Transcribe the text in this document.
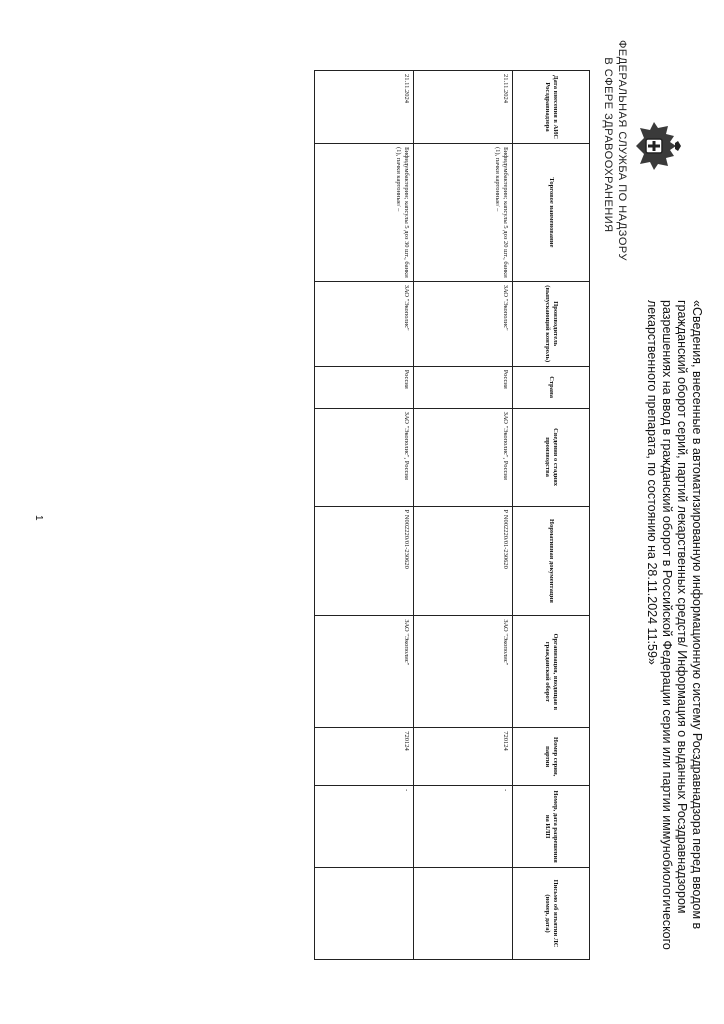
ФЕДЕРАЛЬНАЯ СЛУЖБА ПО НАДЗОРУ
В СФЕРЕ ЗДРАВООХРАНЕНИЯ
«Сведения, внесенные в автоматизированную информационную систему Росздравнадзора перед вводом в гражданский оборот серий, партий лекарственных средств/ Информация о выданных Росздравнадзором разрешениях на ввод в гражданский оборот в Российской Федерации серии или партии иммунобиологического лекарственного препарата, по состоянию на 28.11.2024 11:59»
Дата внесения в АИС Росздравнадзора	Торговое наименование	Производитель (выпускающий контроль)	Страна	Сведения о стадиях производства	Нормативная документация	Организация, вводящая в гражданский оборот	Номер серии, партии	Номер, дата разрешения на ИЛП	Письмо об изъятии ЛС (номер, дата)
21.11.2024	Бифидумбактерин; капсулы 5 доз 20 шт., банки (1), пачки картонные/ –	ЗАО "Экополис"	Россия	ЗАО "Экополис", Россия	Р N002220/01-230620	ЗАО "Экополис"	720124	-	
21.11.2024	Бифидумбактерин; капсулы 5 доз 30 шт., банки (1), пачки картонные/ –	ЗАО "Экополис"	Россия	ЗАО "Экополис", Россия	Р N002220/01-230620	ЗАО "Экополис"	720124	-	
1
